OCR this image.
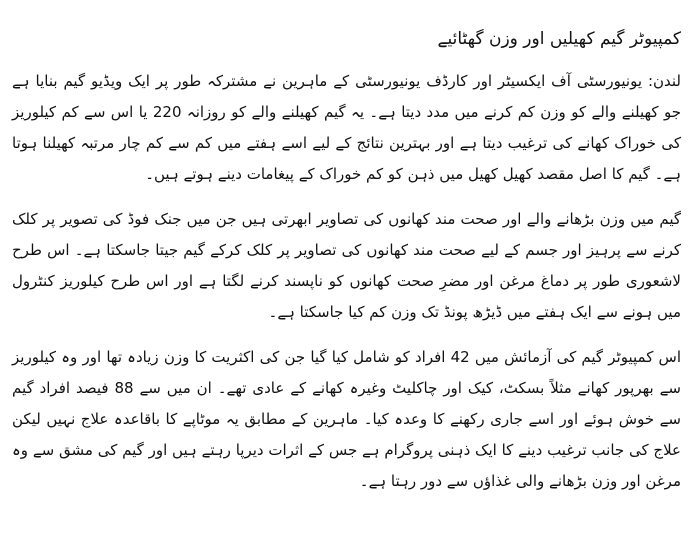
کمپیوٹر گیم کھیلیں اور وزن گھٹائیے

لندن: یونیورسٹی آف ایکسیٹر اور کارڈف یونیورسٹی کے ماہرین نے مشترکہ طور پر ایک ویڈیو گیم بنایا ہے جو کھیلنے والے کو وزن کم کرنے میں مدد دیتا ہے۔ یہ گیم کھیلنے والے کو روزانہ 220 یا اس سے کم کیلوریز کی خوراک کھانے کی ترغیب دیتا ہے اور بہترین نتائج کے لیے اسے ہفتے میں کم سے کم چار مرتبہ کھیلنا ہوتا ہے۔ گیم کا اصل مقصد کھیل کھیل میں ذہن کو کم خوراک کے پیغامات دینے ہوتے ہیں۔

گیم میں وزن بڑھانے والے اور صحت مند کھانوں کی تصاویر ابھرتی ہیں جن میں جنک فوڈ کی تصویر پر کلک کرنے سے پرہیز اور جسم کے لیے صحت مند کھانوں کی تصاویر پر کلک کرکے گیم جیتا جاسکتا ہے۔ اس طرح لاشعوری طور پر دماغ مرغن اور مضرِ صحت کھانوں کو ناپسند کرنے لگتا ہے اور اس طرح کیلوریز کنٹرول میں ہونے سے ایک ہفتے میں ڈیڑھ پونڈ تک وزن کم کیا جاسکتا ہے۔

اس کمپیوٹر گیم کی آزمائش میں 42 افراد کو شامل کیا گیا جن کی اکثریت کا وزن زیادہ تھا اور وہ کیلوریز سے بھرپور کھانے مثلاً بسکٹ، کیک اور چاکلیٹ وغیرہ کھانے کے عادی تھے۔ ان میں سے 88 فیصد افراد گیم سے خوش ہوئے اور اسے جاری رکھنے کا وعدہ کیا۔ ماہرین کے مطابق یہ موٹاپے کا باقاعدہ علاج نہیں لیکن علاج کی جانب ترغیب دینے کا ایک ذہنی پروگرام ہے جس کے اثرات دیرپا رہتے ہیں اور گیم کی مشق سے وہ مرغن اور وزن بڑھانے والی غذاؤں سے دور رہتا ہے۔
